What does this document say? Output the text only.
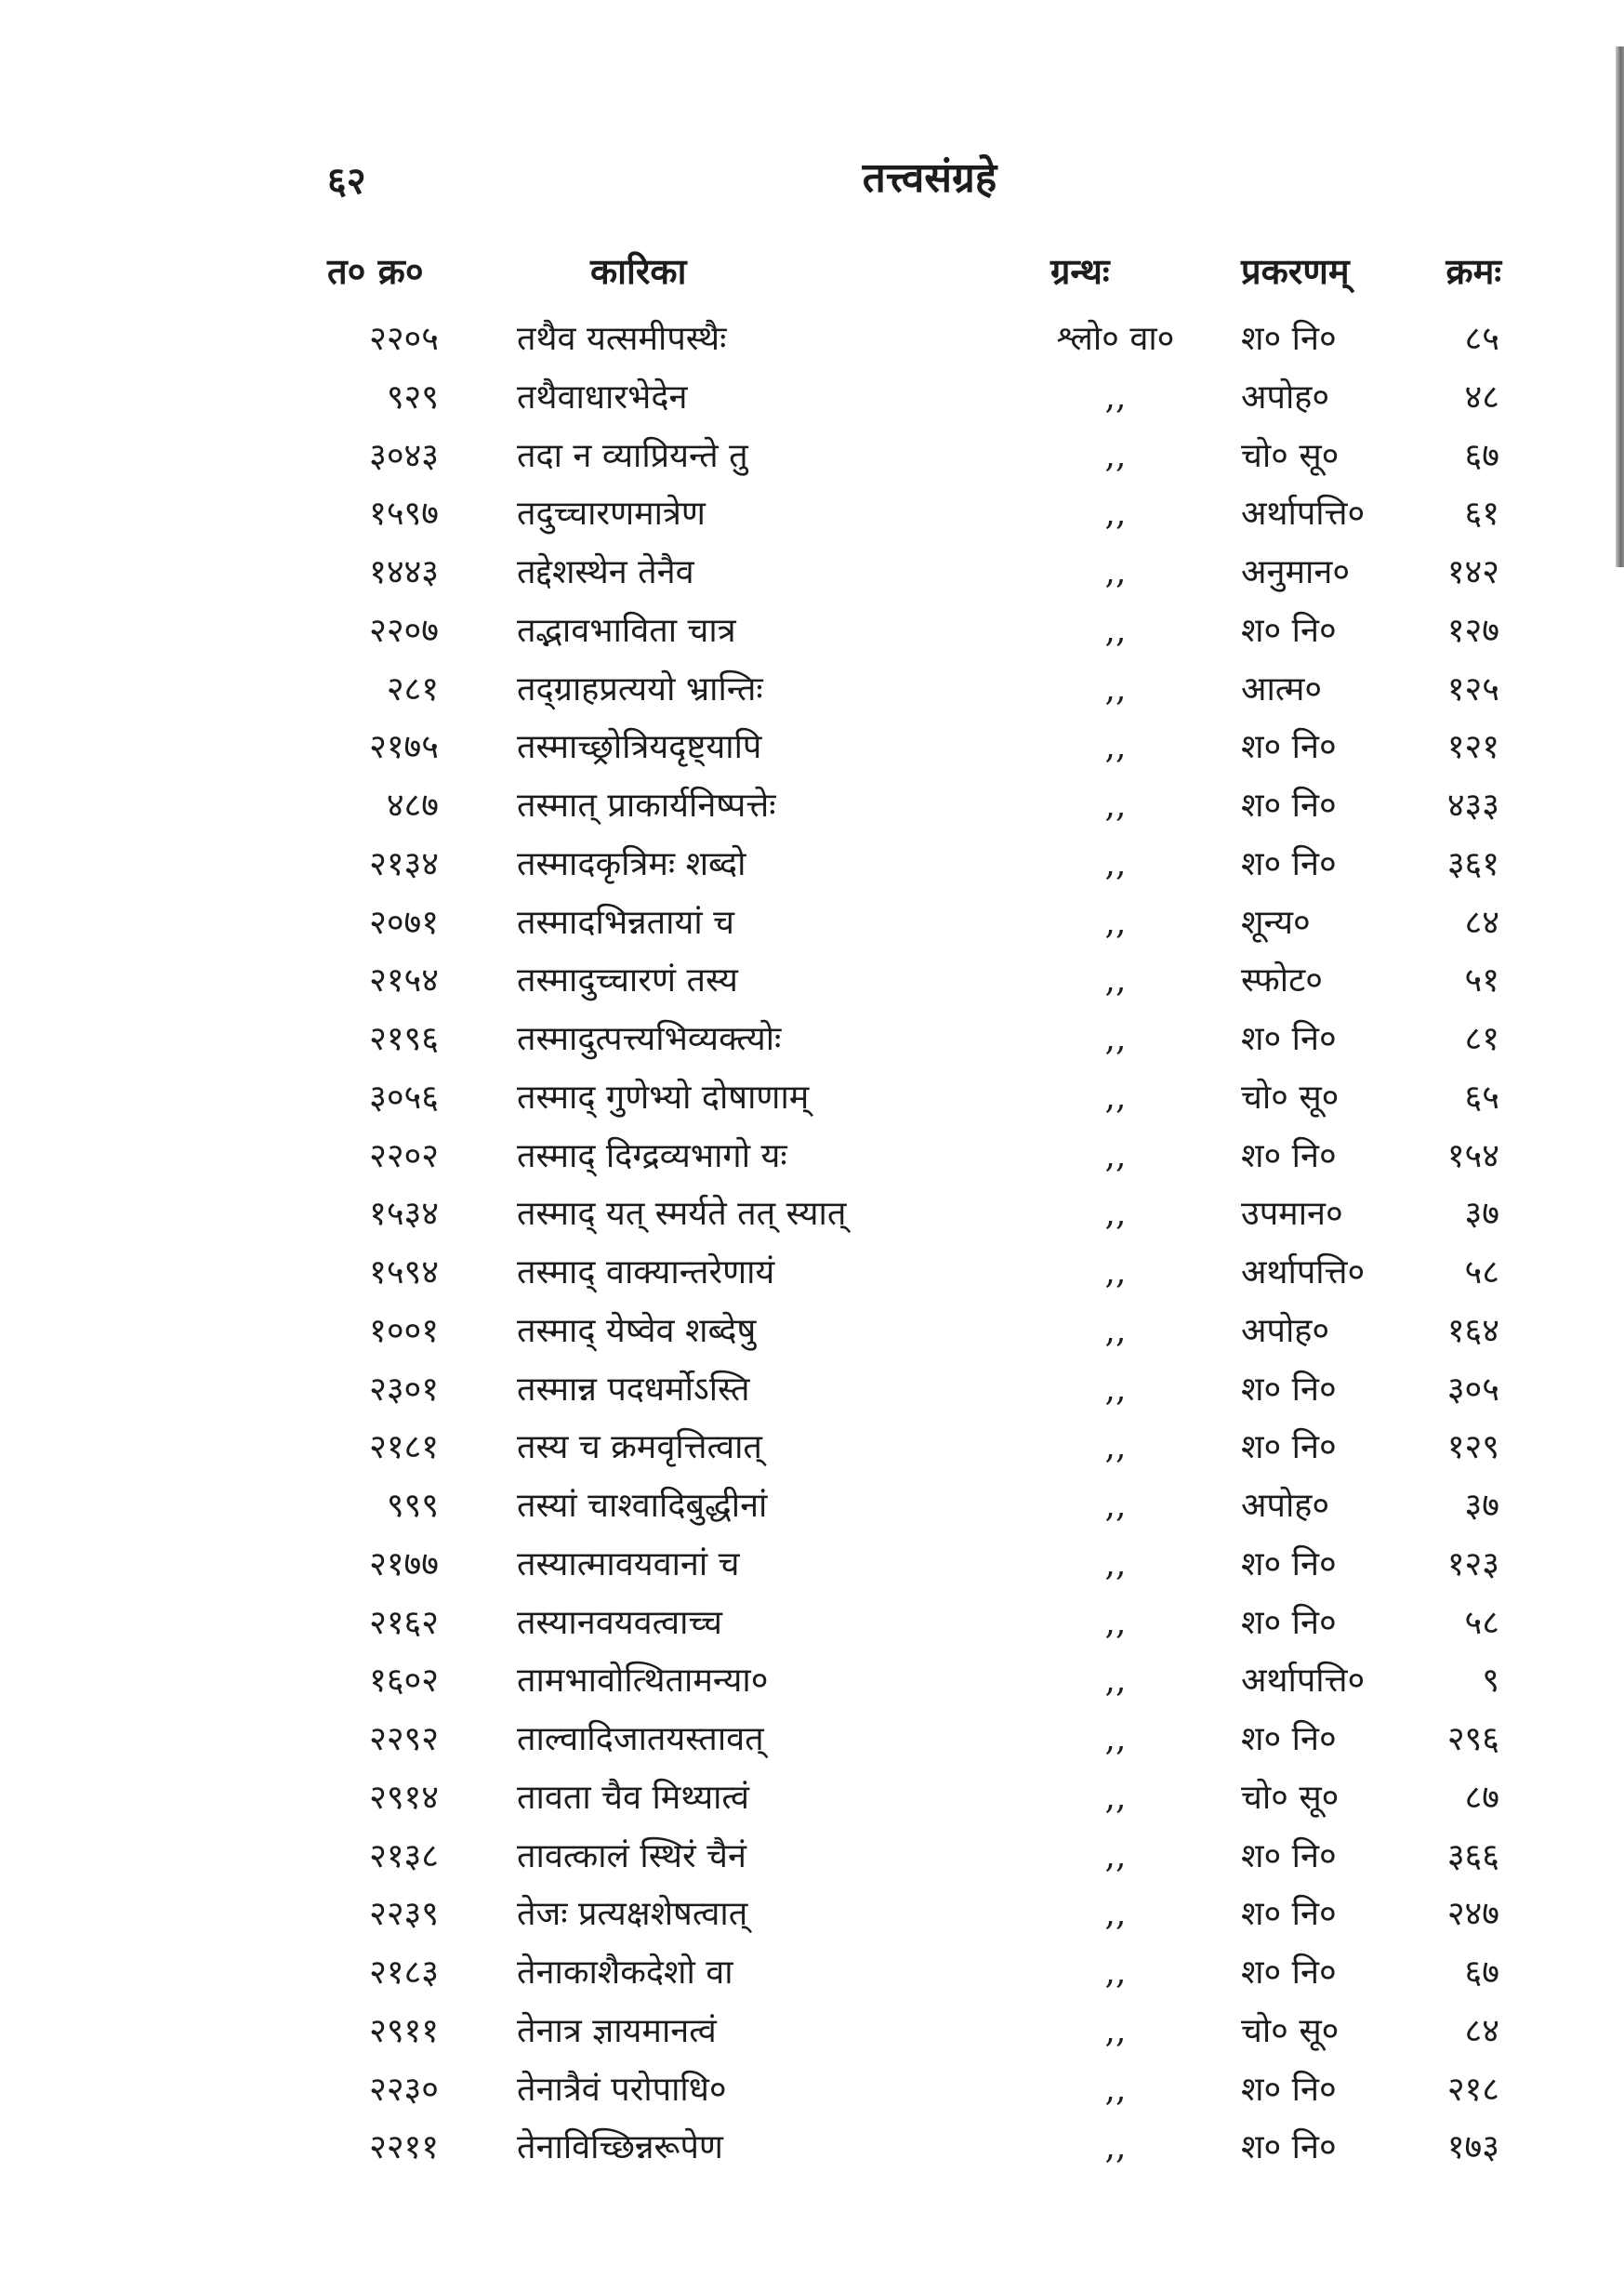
६२	तत्त्वसंग्रहे
त० क्र०	कारिका	ग्रन्थः	प्रकरणम्	क्रमः
२२०५ तथैव यत्समीपस्थैः	श्लो० वा०	श० नि०	८५
९२९ तथैवाधारभेदेन	,,	अपोह०	४८
३०४३ तदा न व्याप्रियन्ते तु	,,	चो० सू०	६७
१५९७ तदुच्चारणमात्रेण	,,	अर्थापत्ति०	६१
१४४३ तद्देशस्थेन तेनैव	,,	अनुमान०	१४२
२२०७ तद्भावभाविता चात्र	,,	श० नि०	१२७
२८१ तद्ग्राहप्रत्ययो भ्रान्तिः	,,	आत्म०	१२५
२१७५ तस्माच्छ्रोत्रियदृष्ट्यापि	,,	श० नि०	१२१
४८७ तस्मात् प्राकार्यनिष्पत्तेः	,,	श० नि०	४३३
२१३४ तस्मादकृत्रिमः शब्दो	,,	श० नि०	३६१
२०७१ तस्मादभिन्नतायां च	,,	शून्य०	८४
२१५४ तस्मादुच्चारणं तस्य	,,	स्फोट०	५१
२१९६ तस्मादुत्पत्त्यभिव्यक्त्योः	,,	श० नि०	८१
३०५६ तस्माद् गुणेभ्यो दोषाणाम्	,,	चो० सू०	६५
२२०२ तस्माद् दिग्द्रव्यभागो यः	,,	श० नि०	१५४
१५३४ तस्माद् यत् स्मर्यते तत् स्यात्	,,	उपमान०	३७
१५९४ तस्माद् वाक्यान्तरेणायं	,,	अर्थापत्ति०	५८
१००१ तस्माद् येष्वेव शब्देषु	,,	अपोह०	१६४
२३०१ तस्मान्न पदधर्मोऽस्ति	,,	श० नि०	३०५
२१८१ तस्य च क्रमवृत्तित्वात्	,,	श० नि०	१२९
९९९ तस्यां चाश्वादिबुद्धीनां	,,	अपोह०	३७
२१७७ तस्यात्मावयवानां च	,,	श० नि०	१२३
२१६२ तस्यानवयवत्वाच्च	,,	श० नि०	५८
१६०२ तामभावोत्थितामन्या०	,,	अर्थापत्ति०	९
२२९२ ताल्वादिजातयस्तावत्	,,	श० नि०	२९६
२९१४ तावता चैव मिथ्यात्वं	,,	चो० सू०	८७
२१३८ तावत्कालं स्थिरं चैनं	,,	श० नि०	३६६
२२३९ तेजः प्रत्यक्षशेषत्वात्	,,	श० नि०	२४७
२१८३ तेनाकाशैकदेशो वा	,,	श० नि०	६७
२९११ तेनात्र ज्ञायमानत्वं	,,	चो० सू०	८४
२२३० तेनात्रैवं परोपाधि०	,,	श० नि०	२१८
२२११ तेनाविच्छिन्नरूपेण	,,	श० नि०	१७३
